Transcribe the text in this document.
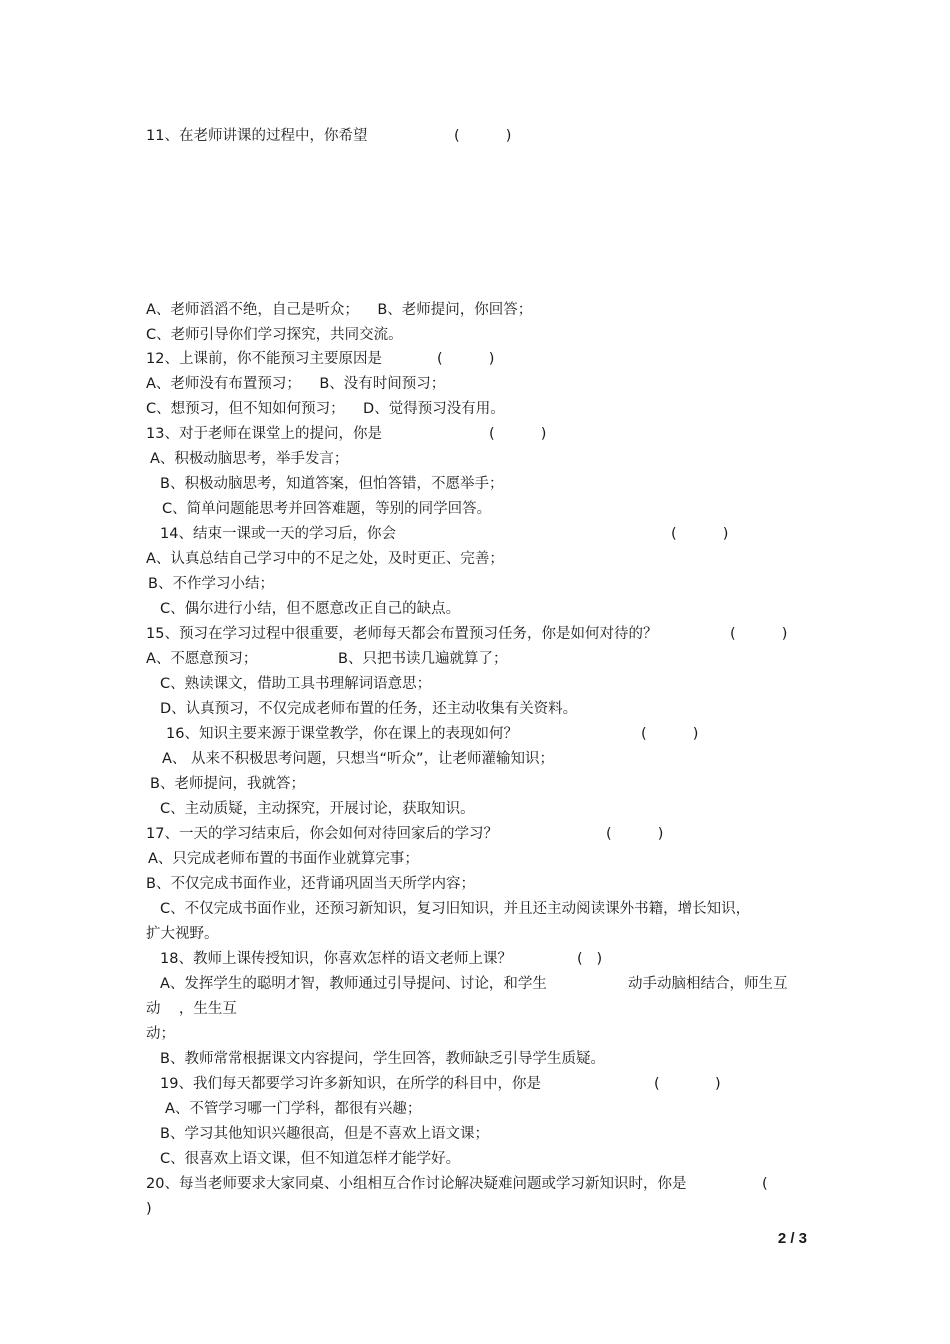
11、在老师讲课的过程中，你希望	(          )
A、老师滔滔不绝，自己是听众；    B、老师提问，你回答；
C、老师引导你们学习探究，共同交流。
12、上课前，你不能预习主要原因是	(          )
A、老师没有布置预习；    B、没有时间预习；
C、想预习，但不知如何预习；    D、觉得预习没有用。
13、对于老师在课堂上的提问，你是	(          )
A、积极动脑思考，举手发言；
B、积极动脑思考，知道答案，但怕答错，不愿举手；
C、简单问题能思考并回答难题，等别的同学回答。
14、结束一课或一天的学习后，你会	(          )
A、认真总结自己学习中的不足之处，及时更正、完善；
B、不作学习小结；
C、偶尔进行小结，但不愿意改正自己的缺点。
15、预习在学习过程中很重要，老师每天都会布置预习任务，你是如何对待的？	(          )
A、不愿意预习；	B、只把书读几遍就算了；
C、熟读课文，借助工具书理解词语意思；
D、认真预习，不仅完成老师布置的任务，还主动收集有关资料。
16、知识主要来源于课堂教学，你在课上的表现如何？	(          )
A、 从来不积极思考问题，只想当“听众”，让老师灌输知识；
B、老师提问，我就答；
C、主动质疑，主动探究，开展讨论，获取知识。
17、一天的学习结束后，你会如何对待回家后的学习？	(          )
A、只完成老师布置的书面作业就算完事；
B、不仅完成书面作业，还背诵巩固当天所学内容；
C、不仅完成书面作业，还预习新知识，复习旧知识，并且还主动阅读课外书籍，增长知识，
扩大视野。
18、教师上课传授知识，你喜欢怎样的语文老师上课？	(   )
A、发挥学生的聪明才智，教师通过引导提问、讨论，和学生	动手动脑相结合，师生互
动    ，生生互
动；
B、教师常常根据课文内容提问，学生回答，教师缺乏引导学生质疑。
19、我们每天都要学习许多新知识，在所学的科目中，你是	(            )
A、不管学习哪一门学科，都很有兴趣；
B、学习其他知识兴趣很高，但是不喜欢上语文课；
C、很喜欢上语文课，但不知道怎样才能学好。
20、每当老师要求大家同桌、小组相互合作讨论解决疑难问题或学习新知识时，你是	(
)
2 / 3
